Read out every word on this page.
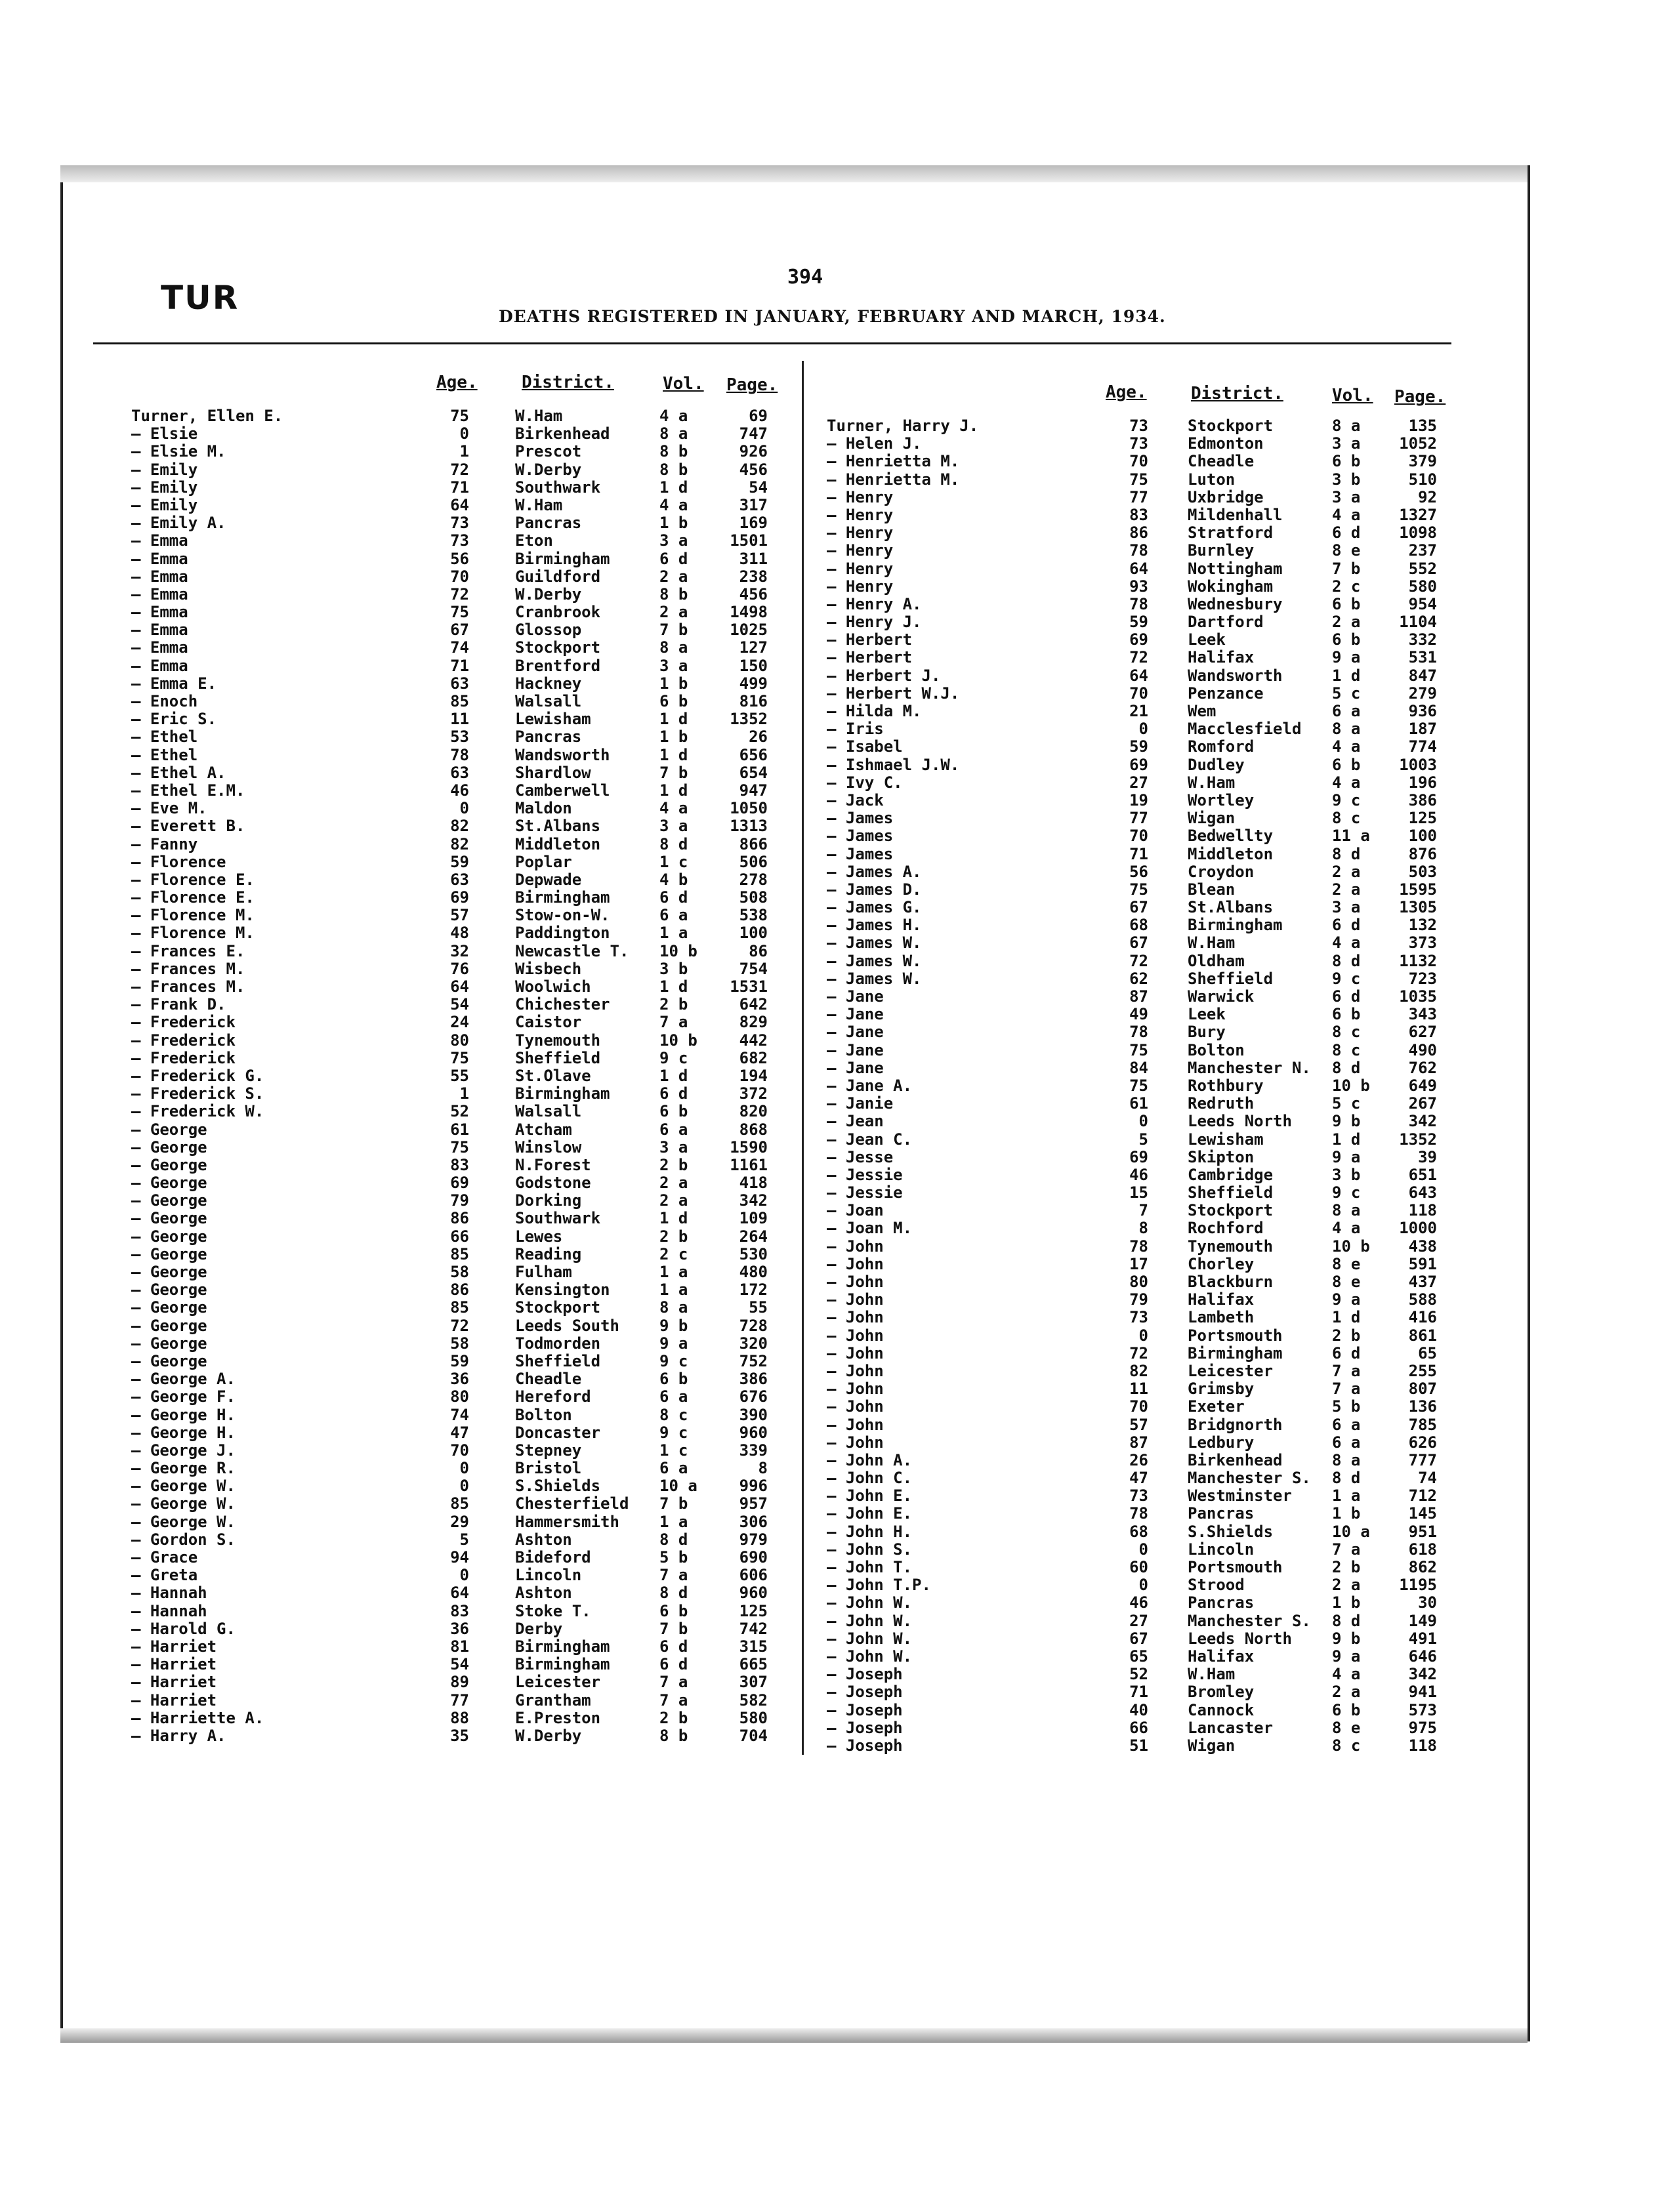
TUR
394
DEATHS REGISTERED IN JANUARY, FEBRUARY AND MARCH, 1934.
Age.	District.	Vol. Page.	Age.	District.	Vol. Page.
Turner, Ellen E.	75	W.Ham	4 a	69
— Elsie	0	Birkenhead	8 a	747
— Elsie M.	1	Prescot	8 b	926
— Emily	72	W.Derby	8 b	456
— Emily	71	Southwark	1 d	54
— Emily	64	W.Ham	4 a	317
— Emily A.	73	Pancras	1 b	169
— Emma	73	Eton	3 a	1501
— Emma	56	Birmingham	6 d	311
— Emma	70	Guildford	2 a	238
— Emma	72	W.Derby	8 b	456
— Emma	75	Cranbrook	2 a	1498
— Emma	67	Glossop	7 b	1025
— Emma	74	Stockport	8 a	127
— Emma	71	Brentford	3 a	150
— Emma E.	63	Hackney	1 b	499
— Enoch	85	Walsall	6 b	816
— Eric S.	11	Lewisham	1 d	1352
— Ethel	53	Pancras	1 b	26
— Ethel	78	Wandsworth	1 d	656
— Ethel A.	63	Shardlow	7 b	654
— Ethel E.M.	46	Camberwell	1 d	947
— Eve M.	0	Maldon	4 a	1050
— Everett B.	82	St.Albans	3 a	1313
— Fanny	82	Middleton	8 d	866
— Florence	59	Poplar	1 c	506
— Florence E.	63	Depwade	4 b	278
— Florence E.	69	Birmingham	6 d	508
— Florence M.	57	Stow-on-W.	6 a	538
— Florence M.	48	Paddington	1 a	100
— Frances E.	32	Newcastle T. 10 b	86
— Frances M.	76	Wisbech	3 b	754
— Frances M.	64	Woolwich	1 d	1531
— Frank D.	54	Chichester	2 b	642
— Frederick	24	Caistor	7 a	829
— Frederick	80	Tynemouth	10 b	442
— Frederick	75	Sheffield	9 c	682
— Frederick G.	55	St.Olave	1 d	194
— Frederick S.	1	Birmingham	6 d	372
— Frederick W.	52	Walsall	6 b	820
— George	61	Atcham	6 a	868
— George	75	Winslow	3 a	1590
— George	83	N.Forest	2 b	1161
— George	69	Godstone	2 a	418
— George	79	Dorking	2 a	342
— George	86	Southwark	1 d	109
— George	66	Lewes	2 b	264
— George	85	Reading	2 c	530
— George	58	Fulham	1 a	480
— George	86	Kensington	1 a	172
— George	85	Stockport	8 a	55
— George	72	Leeds South	9 b	728
— George	58	Todmorden	9 a	320
— George	59	Sheffield	9 c	752
— George A.	36	Cheadle	6 b	386
— George F.	80	Hereford	6 a	676
— George H.	74	Bolton	8 c	390
— George H.	47	Doncaster	9 c	960
— George J.	70	Stepney	1 c	339
— George R.	0	Bristol	6 a	8
— George W.	0	S.Shields	10 a	996
— George W.	85	Chesterfield 7 b	957
— George W.	29	Hammersmith	1 a	306
— Gordon S.	5	Ashton	8 d	979
— Grace	94	Bideford	5 b	690
— Greta	0	Lincoln	7 a	606
— Hannah	64	Ashton	8 d	960
— Hannah	83	Stoke T.	6 b	125
— Harold G.	36	Derby	7 b	742
— Harriet	81	Birmingham	6 d	315
— Harriet	54	Birmingham	6 d	665
— Harriet	89	Leicester	7 a	307
— Harriet	77	Grantham	7 a	582
— Harriette A.	88	E.Preston	2 b	580
— Harry A.	35	W.Derby	8 b	704
Turner, Harry J.	73	Stockport	8 a	135
— Helen J.	73	Edmonton	3 a	1052
— Henrietta M.	70	Cheadle	6 b	379
— Henrietta M.	75	Luton	3 b	510
— Henry	77	Uxbridge	3 a	92
— Henry	83	Mildenhall	4 a	1327
— Henry	86	Stratford	6 d	1098
— Henry	78	Burnley	8 e	237
— Henry	64	Nottingham	7 b	552
— Henry	93	Wokingham	2 c	580
— Henry A.	78	Wednesbury	6 b	954
— Henry J.	59	Dartford	2 a	1104
— Herbert	69	Leek	6 b	332
— Herbert	72	Halifax	9 a	531
— Herbert J.	64	Wandsworth	1 d	847
— Herbert W.J.	70	Penzance	5 c	279
— Hilda M.	21	Wem	6 a	936
— Iris	0	Macclesfield 8 a	187
— Isabel	59	Romford	4 a	774
— Ishmael J.W.	69	Dudley	6 b	1003
— Ivy C.	27	W.Ham	4 a	196
— Jack	19	Wortley	9 c	386
— James	77	Wigan	8 c	125
— James	70	Bedwellty	11 a	100
— James	71	Middleton	8 d	876
— James A.	56	Croydon	2 a	503
— James D.	75	Blean	2 a	1595
— James G.	67	St.Albans	3 a	1305
— James H.	68	Birmingham	6 d	132
— James W.	67	W.Ham	4 a	373
— James W.	72	Oldham	8 d	1132
— James W.	62	Sheffield	9 c	723
— Jane	87	Warwick	6 d	1035
— Jane	49	Leek	6 b	343
— Jane	78	Bury	8 c	627
— Jane	75	Bolton	8 c	490
— Jane	84	Manchester N. 8 d	762
— Jane A.	75	Rothbury	10 b	649
— Janie	61	Redruth	5 c	267
— Jean	0	Leeds North	9 b	342
— Jean C.	5	Lewisham	1 d	1352
— Jesse	69	Skipton	9 a	39
— Jessie	46	Cambridge	3 b	651
— Jessie	15	Sheffield	9 c	643
— Joan	7	Stockport	8 a	118
— Joan M.	8	Rochford	4 a	1000
— John	78	Tynemouth	10 b	438
— John	17	Chorley	8 e	591
— John	80	Blackburn	8 e	437
— John	79	Halifax	9 a	588
— John	73	Lambeth	1 d	416
— John	0	Portsmouth	2 b	861
— John	72	Birmingham	6 d	65
— John	82	Leicester	7 a	255
— John	11	Grimsby	7 a	807
— John	70	Exeter	5 b	136
— John	57	Bridgnorth	6 a	785
— John	87	Ledbury	6 a	626
— John A.	26	Birkenhead	8 a	777
— John C.	47	Manchester S. 8 d	74
— John E.	73	Westminster	1 a	712
— John E.	78	Pancras	1 b	145
— John H.	68	S.Shields	10 a	951
— John S.	0	Lincoln	7 a	618
— John T.	60	Portsmouth	2 b	862
— John T.P.	0	Strood	2 a	1195
— John W.	46	Pancras	1 b	30
— John W.	27	Manchester S. 8 d	149
— John W.	67	Leeds North	9 b	491
— John W.	65	Halifax	9 a	646
— Joseph	52	W.Ham	4 a	342
— Joseph	71	Bromley	2 a	941
— Joseph	40	Cannock	6 b	573
— Joseph	66	Lancaster	8 e	975
— Joseph	51	Wigan	8 c	118
